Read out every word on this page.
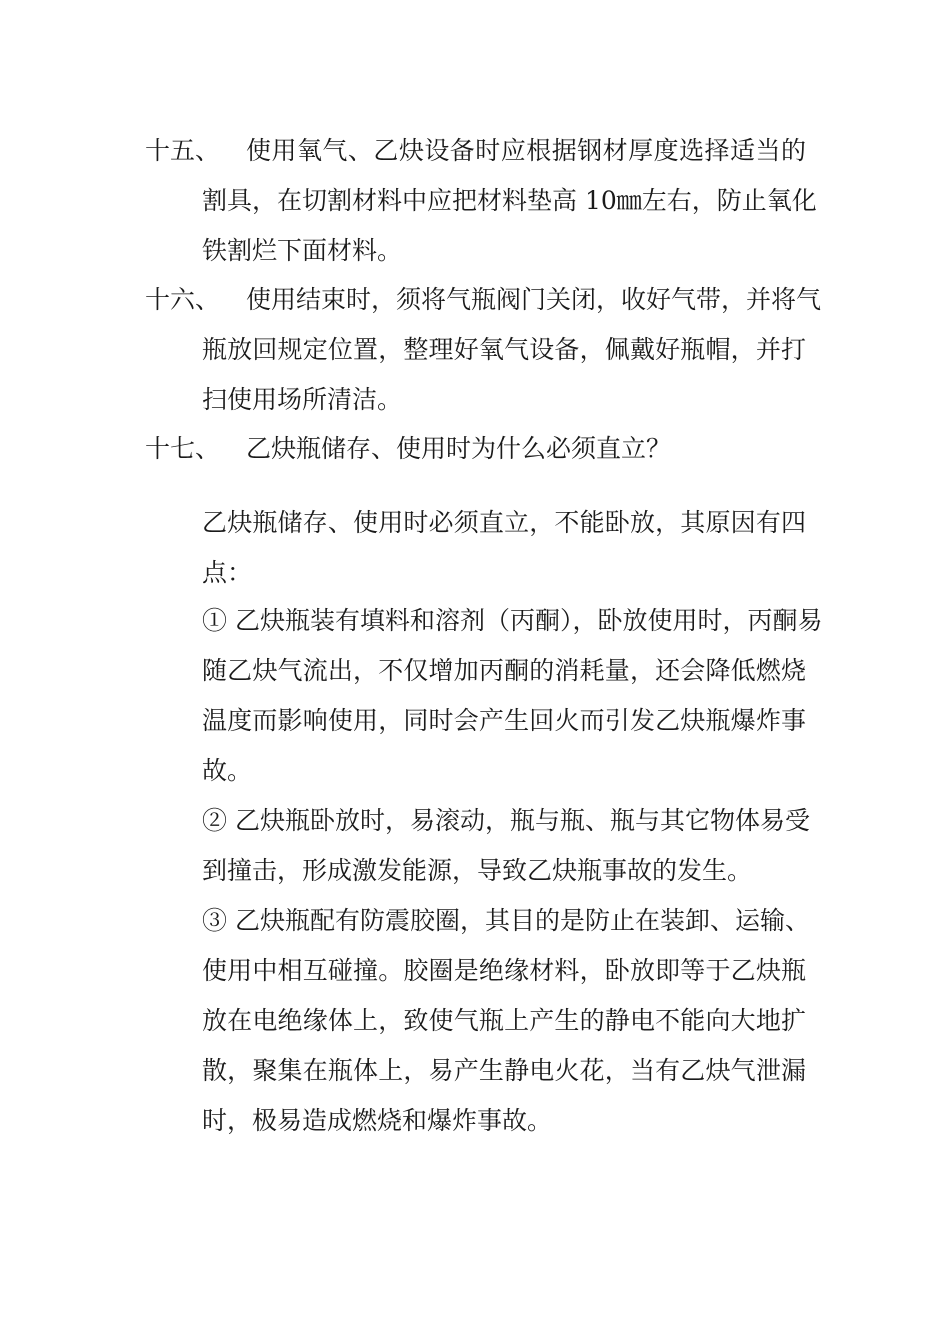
十五、 使用氧气、乙炔设备时应根据钢材厚度选择适当的
割具，在切割材料中应把材料垫高 10㎜左右，防止氧化
铁割烂下面材料。
十六、 使用结束时，须将气瓶阀门关闭，收好气带，并将气
瓶放回规定位置，整理好氧气设备，佩戴好瓶帽，并打
扫使用场所清洁。
十七、 乙炔瓶储存、使用时为什么必须直立？
乙炔瓶储存、使用时必须直立，不能卧放，其原因有四
点：
① 乙炔瓶装有填料和溶剂（丙酮），卧放使用时，丙酮易
随乙炔气流出，不仅增加丙酮的消耗量，还会降低燃烧
温度而影响使用，同时会产生回火而引发乙炔瓶爆炸事
故。
② 乙炔瓶卧放时，易滚动，瓶与瓶、瓶与其它物体易受
到撞击，形成激发能源，导致乙炔瓶事故的发生。
③ 乙炔瓶配有防震胶圈，其目的是防止在装卸、运输、
使用中相互碰撞。胶圈是绝缘材料，卧放即等于乙炔瓶
放在电绝缘体上，致使气瓶上产生的静电不能向大地扩
散，聚集在瓶体上，易产生静电火花，当有乙炔气泄漏
时，极易造成燃烧和爆炸事故。
